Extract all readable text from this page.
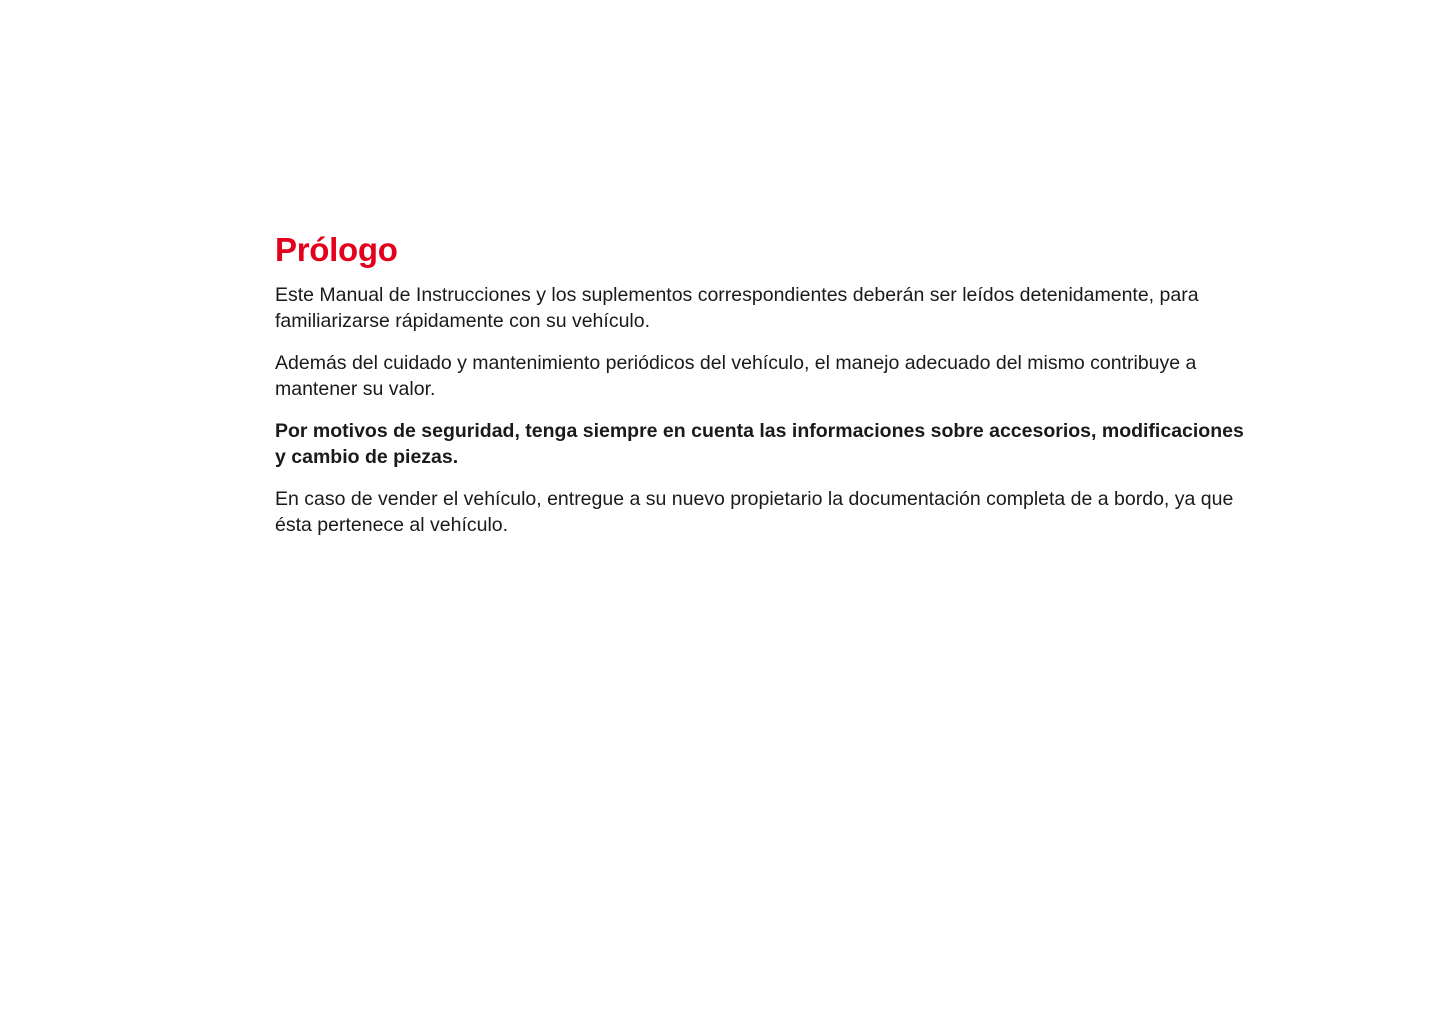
Prólogo

Este Manual de Instrucciones y los suplementos correspondientes deberán ser leídos detenidamente, para familiarizarse rápidamente con su vehículo.

Además del cuidado y mantenimiento periódicos del vehículo, el manejo adecuado del mismo contribuye a mantener su valor.

Por motivos de seguridad, tenga siempre en cuenta las informaciones sobre accesorios, modificaciones y cambio de piezas.

En caso de vender el vehículo, entregue a su nuevo propietario la documentación completa de a bordo, ya que ésta pertenece al vehículo.
